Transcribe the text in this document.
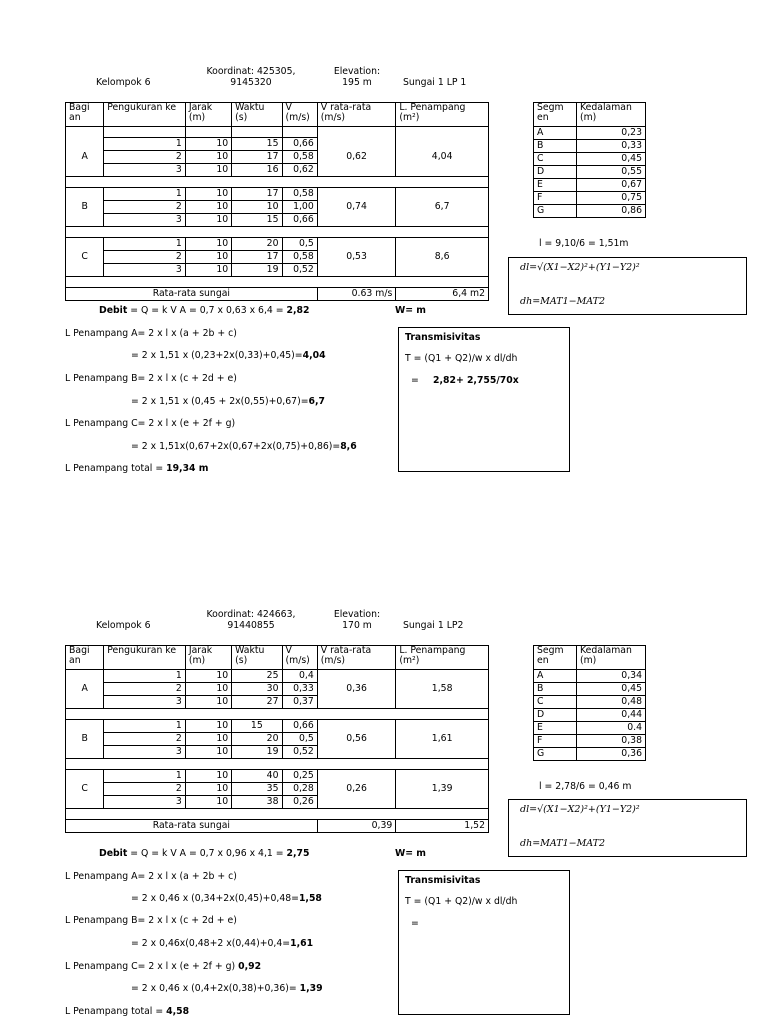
Kelompok 6
Koordinat: 425305,
9145320
Elevation:
195 m	Sungai 1 LP 1
Bagi an	Pengukuran ke	Jarak (m)	Waktu (s)	V (m/s)	V rata-rata (m/s)	L. Penampang (m²)

A	1	10	15	0,66	0,62	4,04
	2	10	17	0,58		
	3	10	16	0,62		

B	1	10	17	0,58	0,74	6,7
	2	10	10	1,00		
	3	10	15	0,66		

C	1	10	20	0,5	0,53	8,6
	2	10	17	0,58		
	3	10	19	0,52		

Rata-rata sungai					0.63 m/s	6,4 m2
Debit = Q = k V A = 0,7 x 0,63 x 6,4 = 2,82	W= m
Segm en	Kedalaman (m)
A	0,23
B	0,33
C	0,45
D	0,55
E	0,67
F	0,75
G	0,86
l = 9,10/6 = 1,51m
dl=√(X1−X2)²+(Y1−Y2)²
dh=MAT1−MAT2
L Penampang A= 2 x l x (a + 2b + c)
= 2 x 1,51 x (0,23+2x(0,33)+0,45)=4,04
L Penampang B= 2 x l x (c + 2d + e)
= 2 x 1,51 x (0,45 + 2x(0,55)+0,67)=6,7
L Penampang C= 2 x l x (e + 2f + g)
= 2 x 1,51x(0,67+2x(0,67+2x(0,75)+0,86)=8,6
L Penampang total = 19,34 m
Transmisivitas
T = (Q1 + Q2)/w x dl/dh
= 2,82+ 2,755/70x
Kelompok 6
Koordinat: 424663,
91440855
Elevation:
170 m	Sungai 1 LP2
Bagi an	Pengukuran ke	Jarak (m)	Waktu (s)	V (m/s)	V rata-rata (m/s)	L. Penampang (m²)
A	1	10	25	0,4	0,36	1,58
	2	10	30	0,33		
	3	10	27	0,37		

B	1	10	15	0,66	0,56	1,61
	2	10	20	0,5		
	3	10	19	0,52		

C	1	10	40	0,25	0,26	1,39
	2	10	35	0,28		
	3	10	38	0,26		

Rata-rata sungai					0,39	1,52
Debit = Q = k V A = 0,7 x 0,96 x 4,1 = 2,75	W= m
Segm en	Kedalaman (m)
A	0,34
B	0,45
C	0,48
D	0,44
E	0.4
F	0,38
G	0,36
l = 2,78/6 = 0,46 m
dl=√(X1−X2)²+(Y1−Y2)²
dh=MAT1−MAT2
L Penampang A= 2 x l x (a + 2b + c)
= 2 x 0,46 x (0,34+2x(0,45)+0,48=1,58
L Penampang B= 2 x l x (c + 2d + e)
= 2 x 0,46x(0,48+2 x(0,44)+0,4=1,61
L Penampang C= 2 x l x (e + 2f + g) 0,92
= 2 x 0,46 x (0,4+2x(0,38)+0,36)= 1,39
L Penampang total = 4,58
Transmisivitas
T = (Q1 + Q2)/w x dl/dh
=
